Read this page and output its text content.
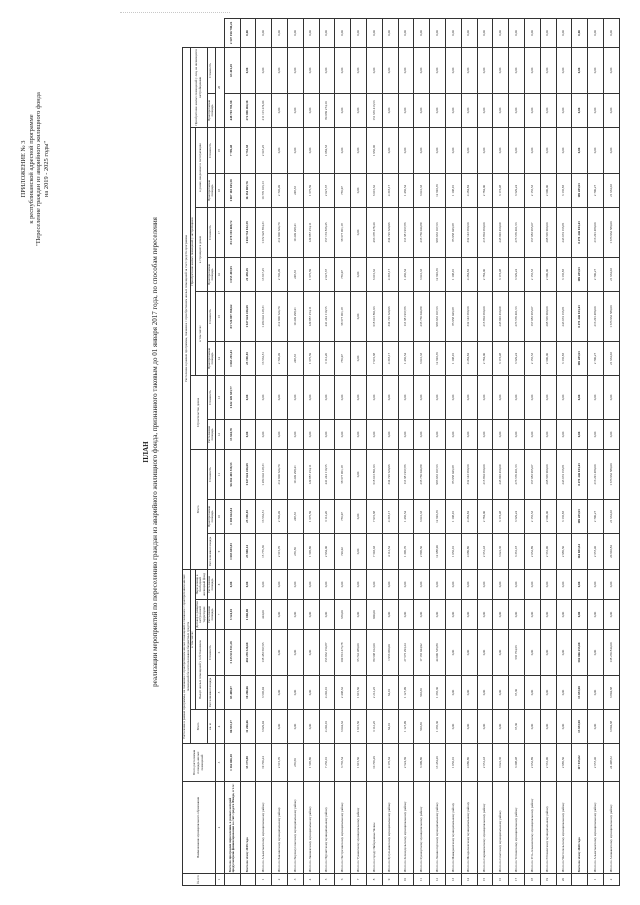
ПРИЛОЖЕНИЕ № 3 к республиканской адресной программе "Переселение граждан из аварийного жилищного фонда на 2019 - 2025 годы"
ПЛАН реализации мероприятий по переселению граждан из аварийного жилищного фонда, признанного таковым до 01 января 2017 года, по способам переселения
№ п/п	Наименование муниципального образования	Всего расселяемая площадь жилых помещений	Расселение в рамках программы, не связанное с приобретением жилых помещений и связанное с приобретением жилых помещений без использования бюджетных средств					Расселение в рамках программы, связанное с приобретением жилых помещений за счет средств программы													
			Всего	в том числе:				Всего			Строительство домов		Приобретение жилых помещений у застройщиков						Приобретение жилых помещений у лиц, не являющихся застройщиками		
				Выкуп жилых помещений у собственников		Договор о развитии застроенной территории	Переселение в свободный жилищный фонд						в том числе:		в строящихся домах		в домах, введенных в эксплуатацию				
			кв. м	Расселяемая площадь	Стоимость	Расселяемая площадь	Расселяемая площадь	Расселяемая площадь	Приобретаемая площадь	Стоимость	Расселяемая площадь	Стоимость	Приобретаемая площадь	Стоимость	Приобретаемая площадь	Стоимость	Приобретаемая площадь	Стоимость	Приобретаемая площадь	Стоимость	
1	2	3	4	5	6	7	8	9	10	11	12	13	14	15	16	17	18	19	20		
	Всего по программе переселения, в рамках которой предусмотрено финансирование за счет средств Фонда, в т.ч.:	1 162 696,18	86 933,17	83 409,07	3 125 911 551,28	3 524,10	0,00	1 003 693,83	1 109 022,84	96 302 403 518,53	13 944,70	1 022 149 383,77	1 063 291,43	83 726 897 390,62	1 055 491,95	83 278 193 608,72	1 007 103 945,50	7 799,48	448 703 781,90	63 491,45	2 547 196 780,22
	Всего по этапу 2019 года	35 175,88	11 266,66	10 206,66	402 259 326,60	1 060,00	0,00	23 908,14	25 190,83	1 927 624 416,69	0,00	0,00	25 190,83	1 927 624 416,69	21 458,45	1 654 734 012,39	16 154 005,76	3 732,38	272 890 404,30	0,00	0,00
1	Итого по Альметьевскому муниципальному району	19 706,24	3 929,94	3 505,94	138 483 697,95	424,00	0,00	15 776,30	16 564,51	1 284 042 128,31	0,00	0,00	16 564,51	1 284 042 128,31	13 917,25	1 072 926 854,31	10 770 016,13	2 647,26	211 115 274,00	0,00	0,00
2	Итого по Бавлинскому муниципальному району	2 615,70	0,00	0,00	0,00	0,00	0,00	2 615,70	2 746,49	212 900 624,70	0,00	0,00	2 746,49	212 900 624,70	2 746,49	212 900 624,70	2 746,49	0,00	0,00	0,00	0,00
3	Итого по Верхнеуслонскому муниципальному району	236,50	0,00	0,00	0,00	0,00	0,00	236,50	248,33	19 249 298,41	0,00	0,00	248,33	19 249 298,41	248,33	19 249 298,41	248,33	0,00	0,00	0,00	0,00
4	Итого по Лаишевскому муниципальному району	1 595,80	0,00	0,00	0,00	0,00	0,00	1 595,80	1 675,59	129 887 254,11	0,00	0,00	1 675,59	129 887 254,11	1 675,59	129 887 254,11	1 675,59	0,00	0,00	0,00	0,00
5	Итого по Нурлатскому муниципальному району	7 256,10	4 292,10	4 292,10	153 962 154,87	0,00	0,00	2 964,00	3 112,20	241 244 110,55	0,00	0,00	3 112,20	241 244 110,55	2 027,67	157 174 836,45	2 027,67	1 084,53	84 069 274,10	0,00	0,00
6	Итого по Пестречинскому муниципальному району	3 765,54	3 044,62	2 408,62	109 813 473,78	636,00	0,00	720,92	756,97	58 677 961,18	0,00	0,00	756,97	58 677 961,18	756,97	58 677 961,18	756,97	0,00	0,00	0,00	0,00
7	Итого по Тукаевскому муниципальному району	1 915,50	1 915,50	1 915,50	65 742 480,00	0,00	0,00	0,00	0,00	0,00	0,00	0,00	0,00	0,00	0,00	0,00	0,00	0,00	0,00	0,00	0,00
8	Итого по городу Набережные Челны	10 705,29	3 112,26	2 212,26	80 508 102,00	900,00	0,00	7 593,03	7 972,68	618 013 891,93	0,00	0,00	7 972,68	618 013 891,93	6 016,62	466 378 478,40	6 016,62	1 956,06	151 635 413,53	0,00	0,00
9	Итого по Бугульминскому муниципальному району	4 176,64	64,10	64,10	1 956 060,00	0,00	0,00	4 112,54	4 318,17	334 726 620,96	0,00	0,00	4 318,17	334 726 620,96	4 318,17	334 726 620,96	4 318,17	0,00	0,00	0,00	0,00
10	Итого по Зеленодольскому муниципальному району	2 524,69	1 127,99	1 127,99	27 575 293,24	0,00	0,00	1 396,70	1 466,54	113 681 967,86	0,00	0,00	1 466,54	113 681 967,86	1 466,54	113 681 967,86	1 466,54	0,00	0,00	0,00	0,00
11	Итого по Кукморскому муниципальному району	3 399,80	503,30	503,30	17 165 044,92	0,00	0,00	2 896,50	3 041,33	235 750 044,89	0,00	0,00	3 041,33	235 750 044,89	3 041,33	235 750 044,89	3 041,33	0,00	0,00	0,00	0,00
12	Итого по Лениногорскому муниципальному району	13 454,20	1 365,30	1 365,30	44 090 536,80	0,00	0,00	12 088,90	12 693,35	983 933 107,63	0,00	0,00	12 693,35	983 933 107,63	12 693,35	983 933 107,63	12 693,35	0,00	0,00	0,00	0,00
13	Итого по Мамадышскому муниципальному району	1 056,10	0,00	0,00	0,00	0,00	0,00	1 056,10	1 108,91	85 958 046,68	0,00	0,00	1 108,91	85 958 046,68	1 108,91	85 958 046,68	1 108,91	0,00	0,00	0,00	0,00
14	Итого по Менделеевскому муниципальному району	4 080,80	0,00	0,00	0,00	0,00	0,00	4 080,80	4 284,84	332 143 050,60	0,00	0,00	4 284,84	332 143 050,60	4 284,84	332 143 050,60	4 284,84	0,00	0,00	0,00	0,00
15	Итого по Сармановскому муниципальному району	2 651,43	0,00	0,00	0,00	0,00	0,00	2 651,43	2 784,00	215 804 050,00	0,00	0,00	2 784,00	215 804 050,00	2 784,00	215 804 050,00	2 784,00	0,00	0,00	0,00	0,00
16	Итого по Спасскому муниципальному району	3 022,36	0,00	0,00	0,00	0,00	0,00	3 022,36	3 173,48	245 993 460,09	0,00	0,00	3 173,48	245 993 460,09	3 173,48	245 993 460,09	3 173,48	0,00	0,00	0,00	0,00
17	Итого по Тетюшскому муниципальному району	3 398,48	37,30	37,30	535 764,66	0,00	0,00	3 361,18	3 529,24	273 570 401,53	0,00	0,00	3 529,24	273 570 401,53	3 529,24	273 570 401,53	3 529,24	0,00	0,00	0,00	0,00
18	Итого по Усть-Алькеевскому муниципальному району	2 052,89	0,00	0,00	0,00	0,00	0,00	2 052,89	2 155,53	167 083 965,07	0,00	0,00	2 155,53	167 083 965,07	2 155,53	167 083 965,07	2 155,53	0,00	0,00	0,00	0,00
19	Итого по Ютазинскому муниципальному району	2 561,90	0,00	0,00	0,00	0,00	0,00	2 561,90	2 690,00	208 505 900,00	0,00	0,00	2 690,00	208 505 900,00	2 690,00	208 505 900,00	2 690,00	0,00	0,00	0,00	0,00
20	Итого по Чистопольскому муниципальному району	2 986,50	0,00	0,00	0,00	0,00	0,00	2 986,50	3 135,83	243 074 166,81	0,00	0,00	3 135,83	243 074 166,81	3 135,83	243 074 166,81	3 135,83	0,00	0,00	0,00	0,00
	Всего по этапу 2020 года	117 935,82	13 853,98	13 853,98	502 866 253,00	0,00	0,00	104 081,84	109 285,93	8 471 246 013,43	0,00	0,00	109 285,93	8 471 246 013,43	109 285,93	8 471 246 013,43	109 285,93	0,00	0,00	0,00	0,00
1	Итого по Альметьевскому муниципальному району	2 657,40	0,00	0,00	0,00	0,00	0,00	2 657,40	2 790,27	216 291 480,00	0,00	0,00	2 790,27	216 291 480,00	2 790,27	216 291 480,00	2 790,27	0,00	0,00	0,00	0,00
2	Итого по Азнакаевскому муниципальному району	24 498,52	3 894,68	3 894,68	138 266 844,00	0,00	0,00	20 603,84	21 634,03	1 676 962 580,00	0,00	0,00	21 634,03	1 676 962 580,00	21 634,03	1 676 962 580,00	21 634,03	0,00	0,00	0,00	0,00
